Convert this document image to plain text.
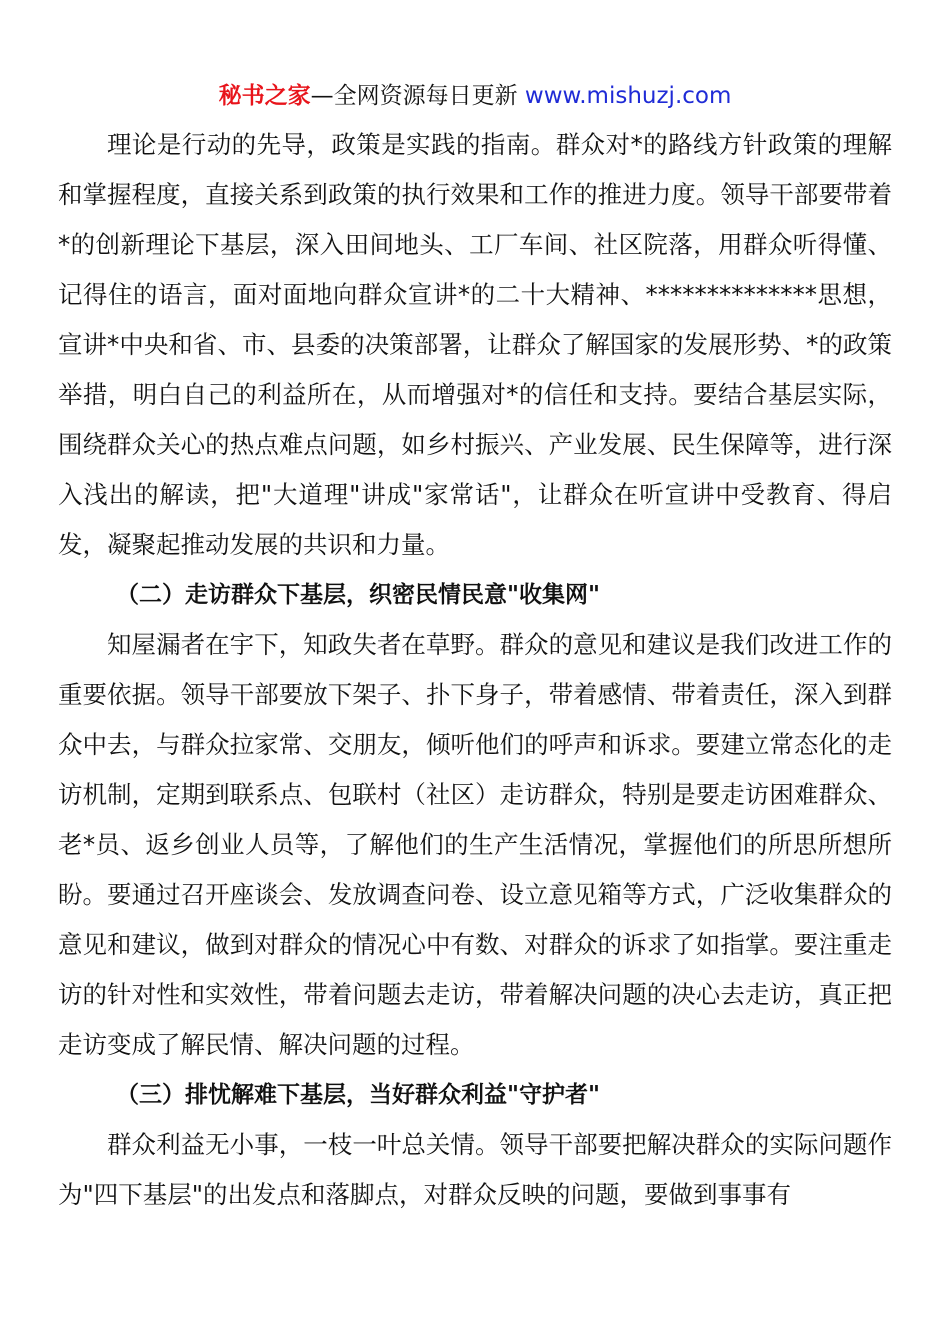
秘书之家—全网资源每日更新 www.mishuzj.com

理论是行动的先导，政策是实践的指南。群众对*的路线方针政策的理解和掌握程度，直接关系到政策的执行效果和工作的推进力度。领导干部要带着*的创新理论下基层，深入田间地头、工厂车间、社区院落，用群众听得懂、记得住的语言，面对面地向群众宣讲*的二十大精神、**************思想，宣讲*中央和省、市、县委的决策部署，让群众了解国家的发展形势、*的政策举措，明白自己的利益所在，从而增强对*的信任和支持。要结合基层实际，围绕群众关心的热点难点问题，如乡村振兴、产业发展、民生保障等，进行深入浅出的解读，把"大道理"讲成"家常话"，让群众在听宣讲中受教育、得启发，凝聚起推动发展的共识和力量。

（二）走访群众下基层，织密民情民意"收集网"

知屋漏者在宇下，知政失者在草野。群众的意见和建议是我们改进工作的重要依据。领导干部要放下架子、扑下身子，带着感情、带着责任，深入到群众中去，与群众拉家常、交朋友，倾听他们的呼声和诉求。要建立常态化的走访机制，定期到联系点、包联村（社区）走访群众，特别是要走访困难群众、老*员、返乡创业人员等，了解他们的生产生活情况，掌握他们的所思所想所盼。要通过召开座谈会、发放调查问卷、设立意见箱等方式，广泛收集群众的意见和建议，做到对群众的情况心中有数、对群众的诉求了如指掌。要注重走访的针对性和实效性，带着问题去走访，带着解决问题的决心去走访，真正把走访变成了解民情、解决问题的过程。

（三）排忧解难下基层，当好群众利益"守护者"

群众利益无小事，一枝一叶总关情。领导干部要把解决群众的实际问题作为"四下基层"的出发点和落脚点，对群众反映的问题，要做到事事有
